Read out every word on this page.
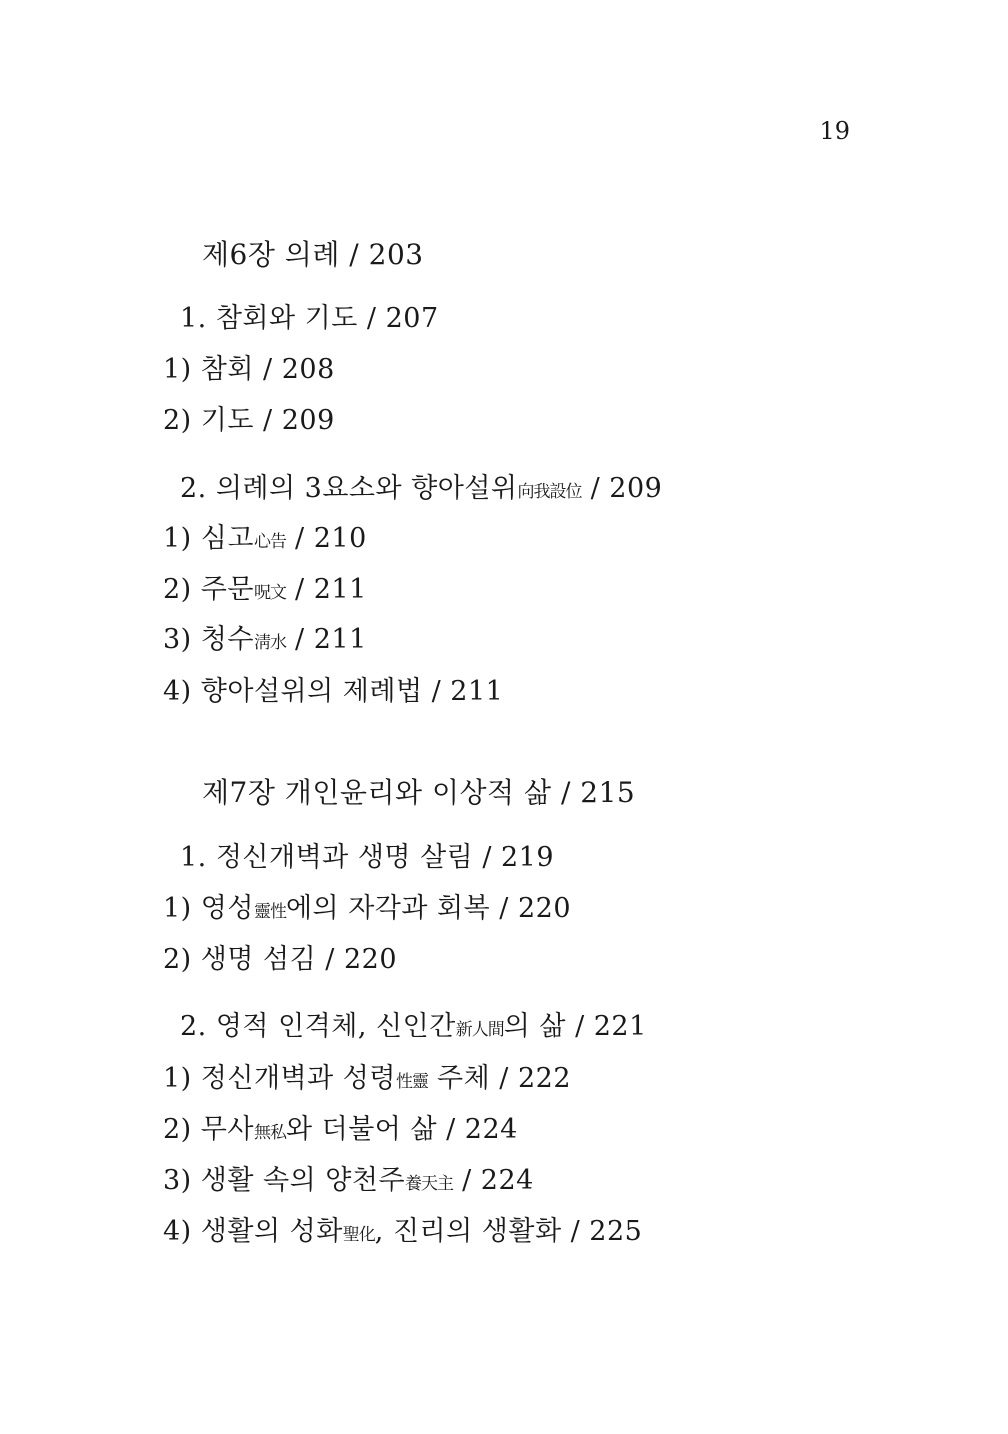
19
제6장 의례 / 203
1. 참회와 기도 / 207
1) 참회 / 208
2) 기도 / 209
2. 의례의 3요소와 향아설위向我設位 / 209
1) 심고心告 / 210
2) 주문呪文 / 211
3) 청수淸水 / 211
4) 향아설위의 제례법 / 211
제7장 개인윤리와 이상적 삶 / 215
1. 정신개벽과 생명 살림 / 219
1) 영성靈性에의 자각과 회복 / 220
2) 생명 섬김 / 220
2. 영적 인격체, 신인간新人間의 삶 / 221
1) 정신개벽과 성령性靈 주체 / 222
2) 무사無私와 더불어 삶 / 224
3) 생활 속의 양천주養天主 / 224
4) 생활의 성화聖化, 진리의 생활화 / 225
